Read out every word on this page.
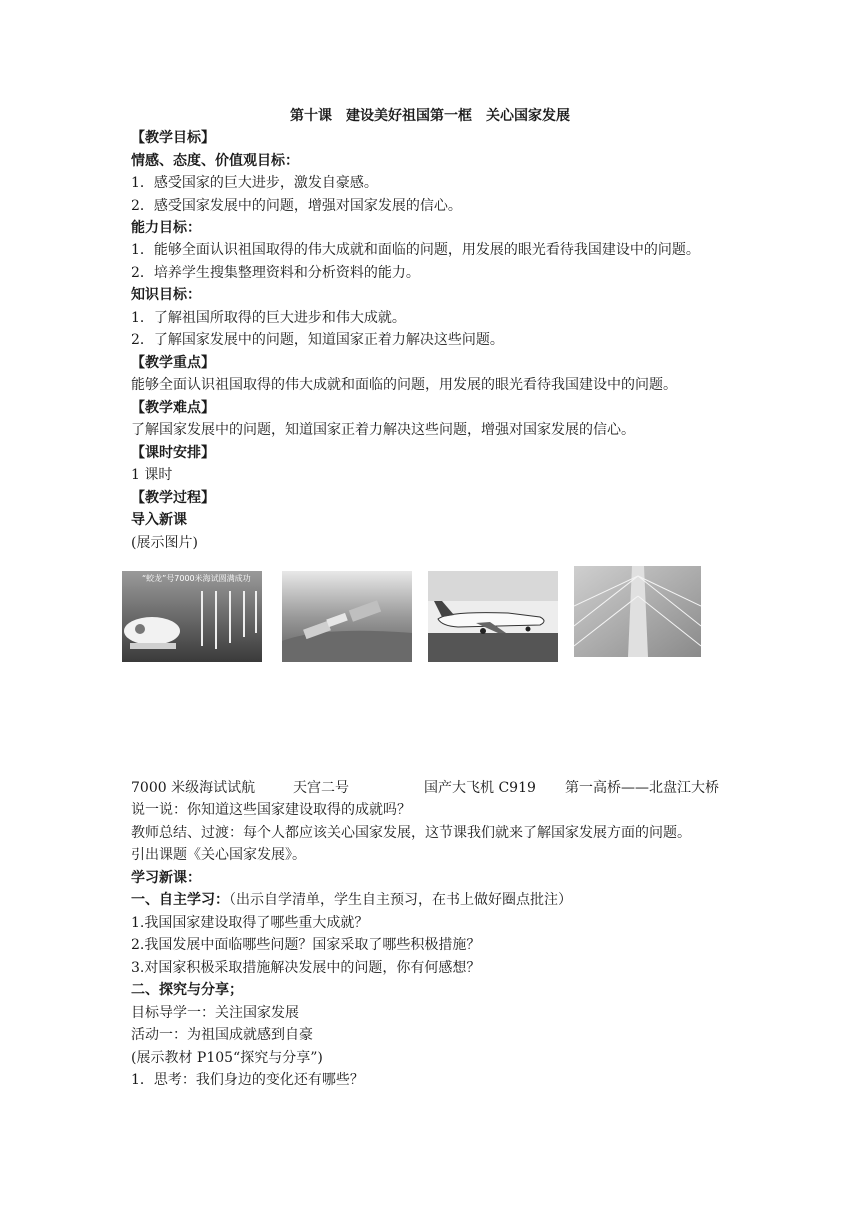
第十课　建设美好祖国第一框　关心国家发展
【教学目标】
情感、态度、价值观目标：
1．感受国家的巨大进步，激发自豪感。
2．感受国家发展中的问题，增强对国家发展的信心。
能力目标：
1．能够全面认识祖国取得的伟大成就和面临的问题，用发展的眼光看待我国建设中的问题。
2．培养学生搜集整理资料和分析资料的能力。
知识目标：
1．了解祖国所取得的巨大进步和伟大成就。
2．了解国家发展中的问题，知道国家正着力解决这些问题。
【教学重点】
能够全面认识祖国取得的伟大成就和面临的问题，用发展的眼光看待我国建设中的问题。
【教学难点】
了解国家发展中的问题，知道国家正着力解决这些问题，增强对国家发展的信心。
【课时安排】
1 课时
【教学过程】
导入新课
(展示图片)
“蛟龙”号7000米海试圆满成功
7000 米级海试试航	天宫二号	国产大飞机 C919 第一高桥——北盘江大桥
说一说：你知道这些国家建设取得的成就吗？
教师总结、过渡：每个人都应该关心国家发展，这节课我们就来了解国家发展方面的问题。
引出课题《关心国家发展》。
学习新课：
一、自主学习：（出示自学清单，学生自主预习，在书上做好圈点批注）
1.我国国家建设取得了哪些重大成就？
2.我国发展中面临哪些问题？国家采取了哪些积极措施？
3.对国家积极采取措施解决发展中的问题，你有何感想？
二、探究与分享；
目标导学一：关注国家发展
活动一：为祖国成就感到自豪
(展示教材 P105“探究与分享”)
1．思考：我们身边的变化还有哪些？
